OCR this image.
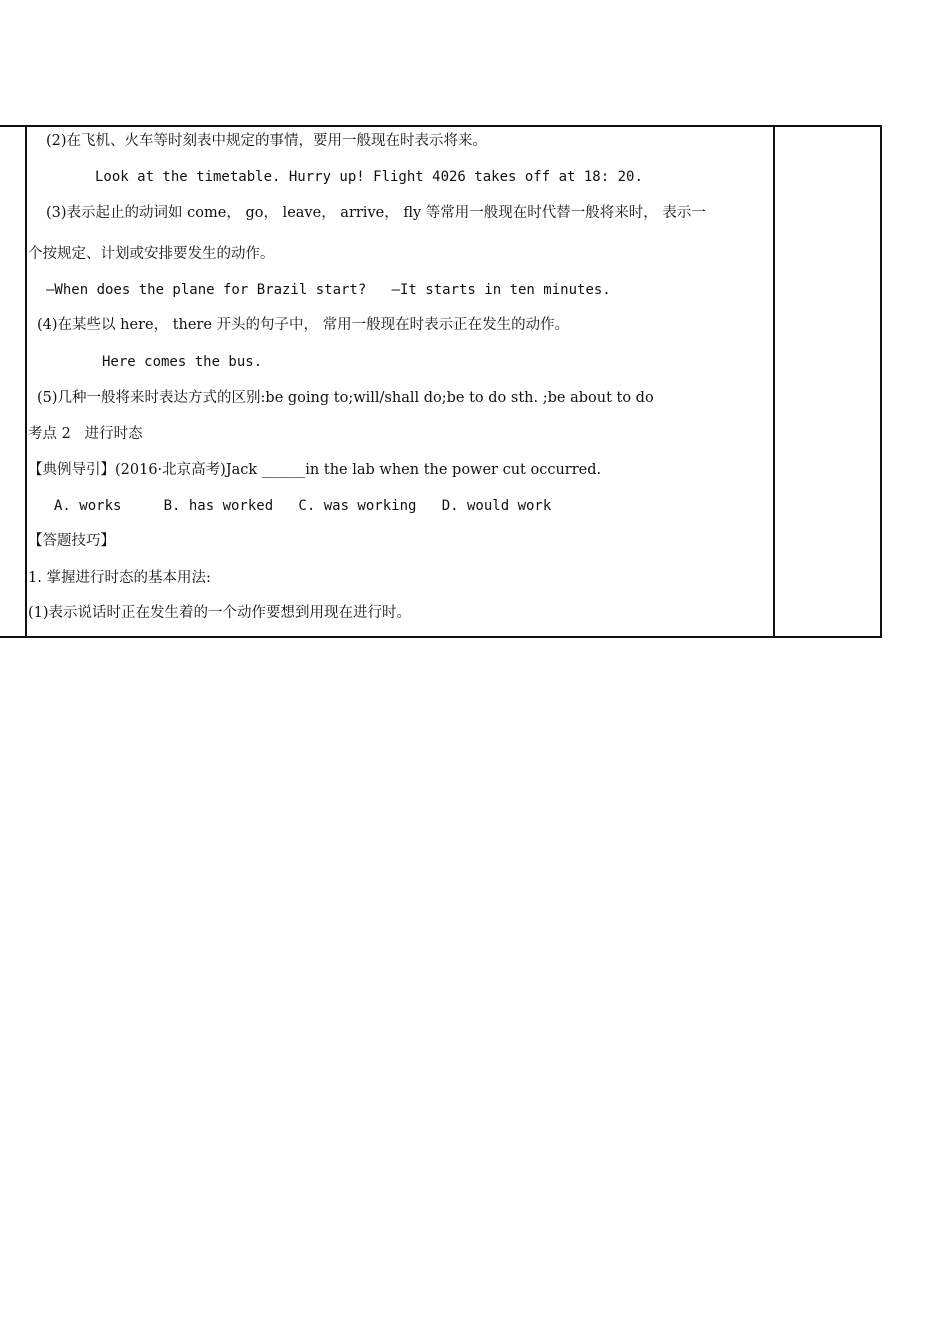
(2)在飞机、火车等时刻表中规定的事情，要用一般现在时表示将来。
Look at the timetable. Hurry up! Flight 4026 takes off at 18: 20.
(3)表示起止的动词如 come， go， leave， arrive， fly 等常用一般现在时代替一般将来时， 表示一
个按规定、计划或安排要发生的动作。
—When does the plane for Brazil start?   —It starts in ten minutes.
(4)在某些以 here， there 开头的句子中， 常用一般现在时表示正在发生的动作。
Here comes the bus.
(5)几种一般将来时表达方式的区别:be going to;will/shall do;be to do sth. ;be about to do
考点 2   进行时态
【典例导引】(2016·北京高考)Jack ______in the lab when the power cut occurred.
A. works     B. has worked   C. was working   D. would work
【答题技巧】
1. 掌握进行时态的基本用法:
(1)表示说话时正在发生着的一个动作要想到用现在进行时。
